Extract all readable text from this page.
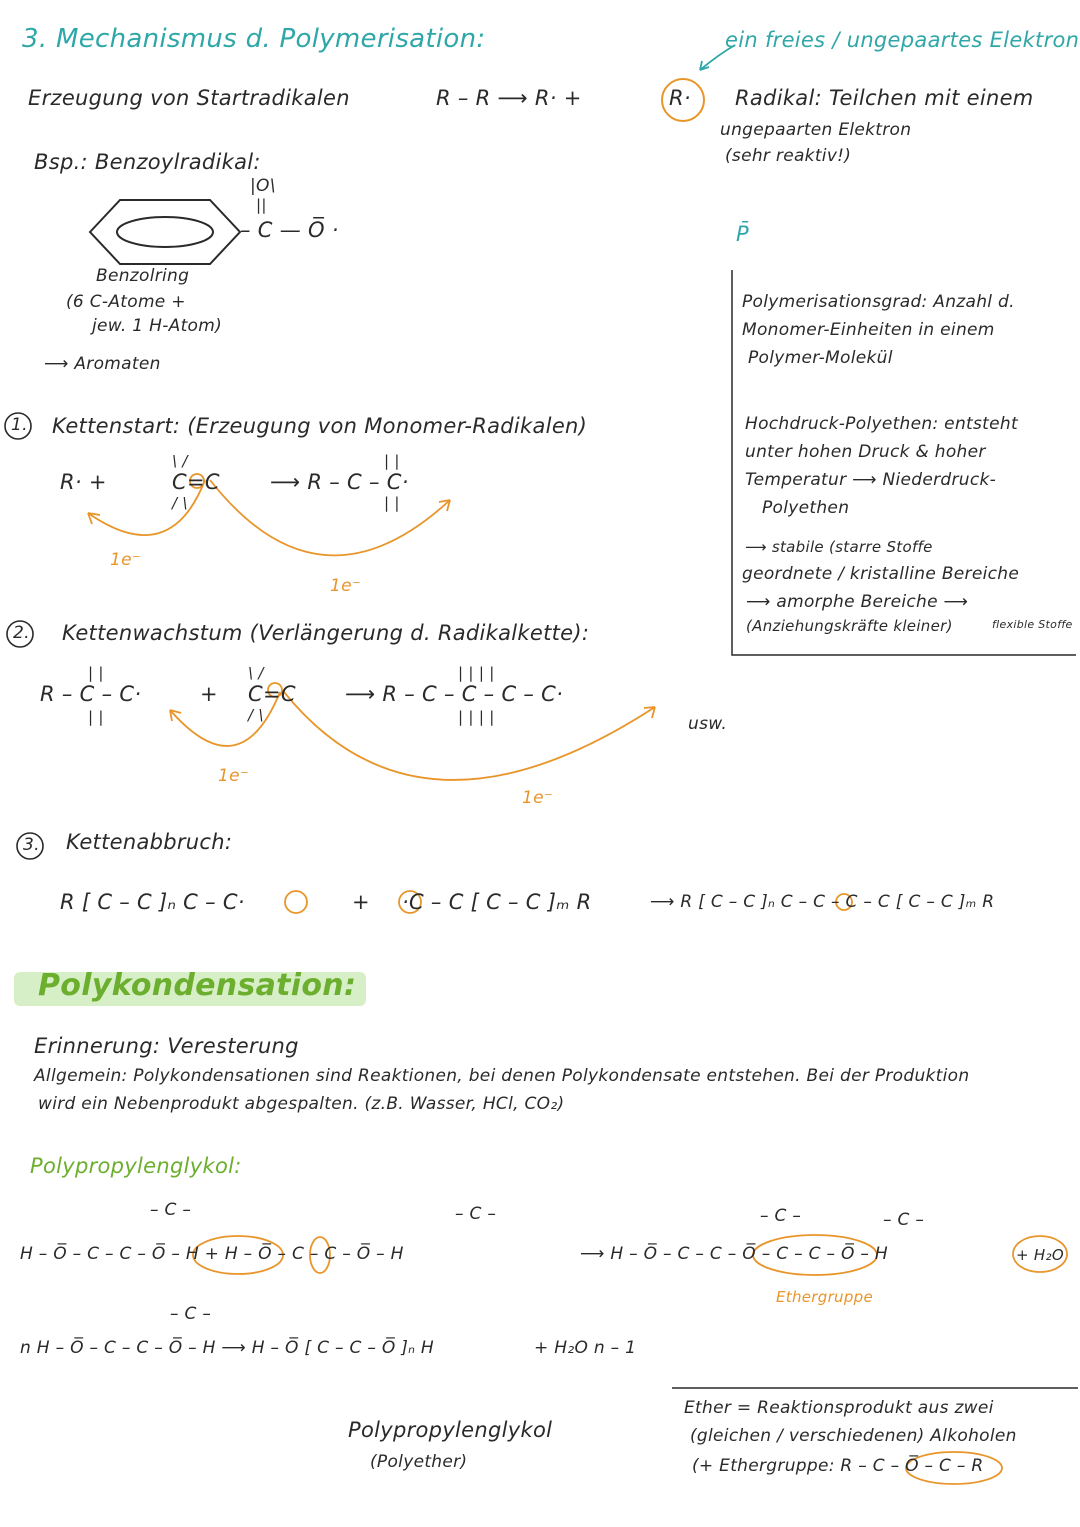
3. Mechanismus d. Polymerisation:	ein freies / ungepaartes Elektron
Erzeugung von Startradikalen	R – R ⟶ R· +	R· Radikal: Teilchen mit einem
ungepaarten Elektron
(sehr reaktiv!)
Bsp.: Benzoylradikal:
|O\
||
– C — O̅ ·
Benzolring
(6 C-Atome +
jew. 1 H-Atom)
⟶ Aromaten
P̄
Polymerisationsgrad: Anzahl d.
Monomer-Einheiten in einem
Polymer-Molekül
Hochdruck-Polyethen: entsteht
unter hohen Druck & hoher
Temperatur ⟶ Niederdruck-
Polyethen
⟶ stabile (starre Stoffe
geordnete / kristalline Bereiche
⟶ amorphe Bereiche ⟶
(Anziehungskräfte kleiner)	flexible Stoffe
1. Kettenstart: (Erzeugung von Monomer-Radikalen)
R· +
\ /
C=C
/ \
| |
⟶ R – C – C·
| |
1e⁻
1e⁻
2. Kettenwachstum (Verlängerung d. Radikalkette):
| |
R – C – C·
| |
+
\ /
C=C
/ \
| | | |
⟶ R – C – C – C – C·
| | | |	usw.
1e⁻
1e⁻
3. Kettenabbruch:
R [ C – C ]ₙ C – C·	+ ·C – C [ C – C ]ₘ R	⟶ R [ C – C ]ₙ C – C – C – C [ C – C ]ₘ R
Polykondensation:
Erinnerung: Veresterung
Allgemein: Polykondensationen sind Reaktionen, bei denen Polykondensate entstehen. Bei der Produktion
wird ein Nebenprodukt abgespalten. (z.B. Wasser, HCl, CO₂)
Polypropylenglykol:
– C –	– C –	– C –	– C –
H – O̅ – C – C – O̅ – H + H – O̅ – C – C – O̅ – H	⟶ H – O̅ – C – C – O̅ – C – C – O̅ – H	+ H₂O
Ethergruppe
– C –
n H – O̅ – C – C – O̅ – H ⟶ H – O̅ [ C – C – O̅ ]ₙ H	+ H₂O n – 1
Polypropylenglykol
(Polyether)
Ether = Reaktionsprodukt aus zwei
(gleichen / verschiedenen) Alkoholen
(+ Ethergruppe: R – C – O̅ – C – R
